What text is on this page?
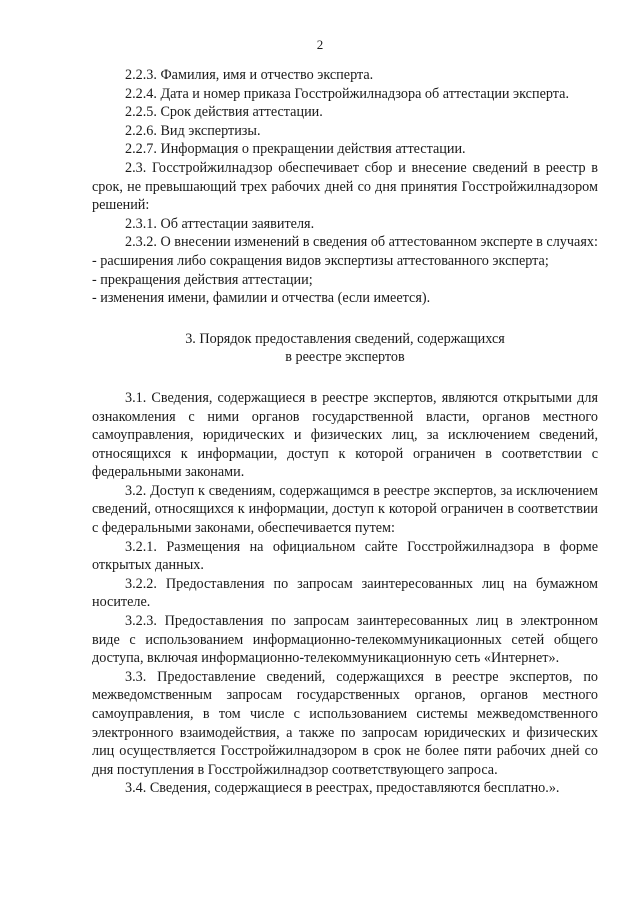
2

2.2.3. Фамилия, имя и отчество эксперта.

2.2.4. Дата и номер приказа Госстройжилнадзора об аттестации эксперта.

2.2.5. Срок действия аттестации.

2.2.6. Вид экспертизы.

2.2.7. Информация о прекращении действия аттестации.

2.3. Госстройжилнадзор обеспечивает сбор и внесение сведений в реестр в срок, не превышающий трех рабочих дней со дня принятия Госстройжилнадзором решений:

2.3.1. Об аттестации заявителя.

2.3.2. О внесении изменений в сведения об аттестованном эксперте в случаях:

- расширения либо сокращения видов экспертизы аттестованного эксперта;

- прекращения действия аттестации;

- изменения имени, фамилии и отчества (если имеется).

3. Порядок предоставления сведений, содержащихся

в реестре экспертов

3.1. Сведения, содержащиеся в реестре экспертов, являются открытыми для ознакомления с ними органов государственной власти, органов местного самоуправления, юридических и физических лиц, за исключением сведений, относящихся к информации, доступ к которой ограничен в соответствии с федеральными законами.

3.2. Доступ к сведениям, содержащимся в реестре экспертов, за исключением сведений, относящихся к информации, доступ к которой ограничен в соответствии с федеральными законами, обеспечивается путем:

3.2.1. Размещения на официальном сайте Госстройжилнадзора в форме открытых данных.

3.2.2. Предоставления по запросам заинтересованных лиц на бумажном носителе.

3.2.3. Предоставления по запросам заинтересованных лиц в электронном виде с использованием информационно-телекоммуникационных сетей общего доступа, включая информационно-телекоммуникационную сеть «Интернет».

3.3. Предоставление сведений, содержащихся в реестре экспертов, по межведомственным запросам государственных органов, органов местного самоуправления, в том числе с использованием системы межведомственного электронного взаимодействия, а также по запросам юридических и физических лиц осуществляется Госстройжилнадзором в срок не более пяти рабочих дней со дня поступления в Госстройжилнадзор соответствующего запроса.

3.4. Сведения, содержащиеся в реестрах, предоставляются бесплатно.».
